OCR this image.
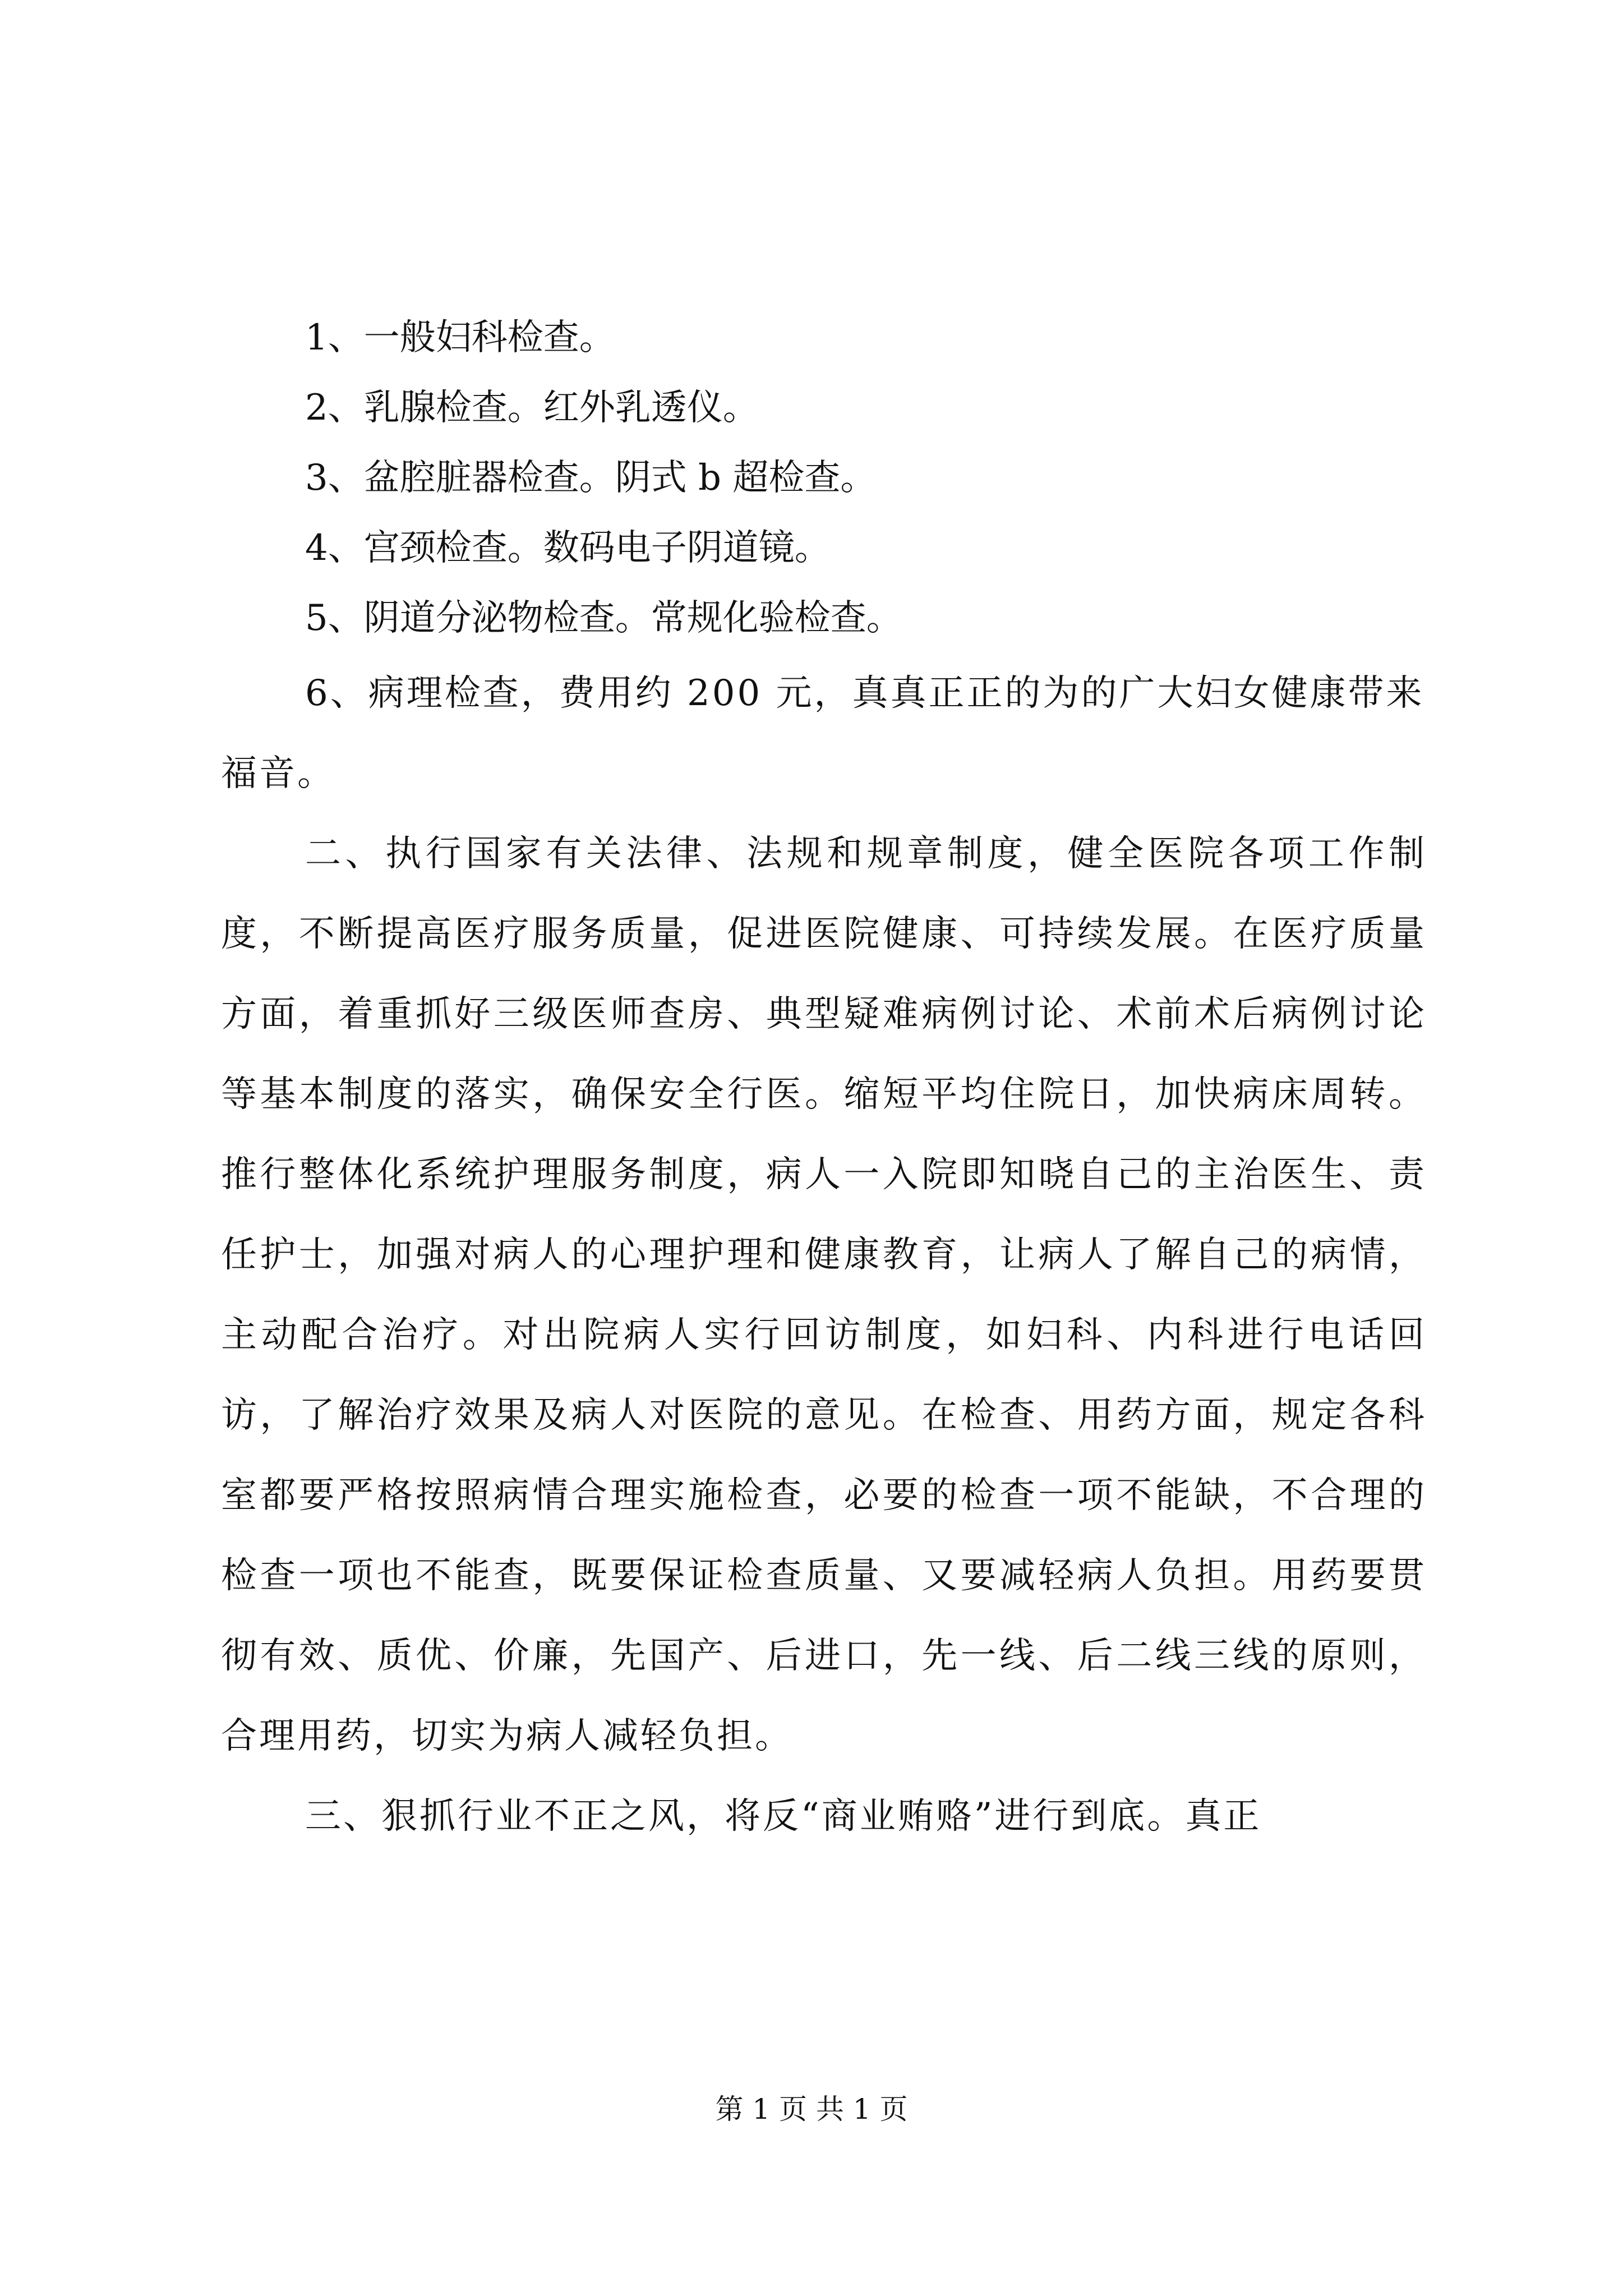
1、一般妇科检查。

2、乳腺检查。红外乳透仪。

3、盆腔脏器检查。阴式 b 超检查。

4、宫颈检查。数码电子阴道镜。

5、阴道分泌物检查。常规化验检查。

6、病理检查，费用约 200 元，真真正正的为的广大妇女健康带来福音。

二、执行国家有关法律、法规和规章制度，健全医院各项工作制度，不断提高医疗服务质量，促进医院健康、可持续发展。在医疗质量方面，着重抓好三级医师查房、典型疑难病例讨论、术前术后病例讨论等基本制度的落实，确保安全行医。缩短平均住院日，加快病床周转。推行整体化系统护理服务制度，病人一入院即知晓自己的主治医生、责任护士，加强对病人的心理护理和健康教育，让病人了解自己的病情，主动配合治疗。对出院病人实行回访制度，如妇科、内科进行电话回访，了解治疗效果及病人对医院的意见。在检查、用药方面，规定各科室都要严格按照病情合理实施检查，必要的检查一项不能缺，不合理的检查一项也不能查，既要保证检查质量、又要减轻病人负担。用药要贯彻有效、质优、价廉，先国产、后进口，先一线、后二线三线的原则，合理用药，切实为病人减轻负担。

三、狠抓行业不正之风，将反“商业贿赂”进行到底。真正

第 1 页 共 1 页
